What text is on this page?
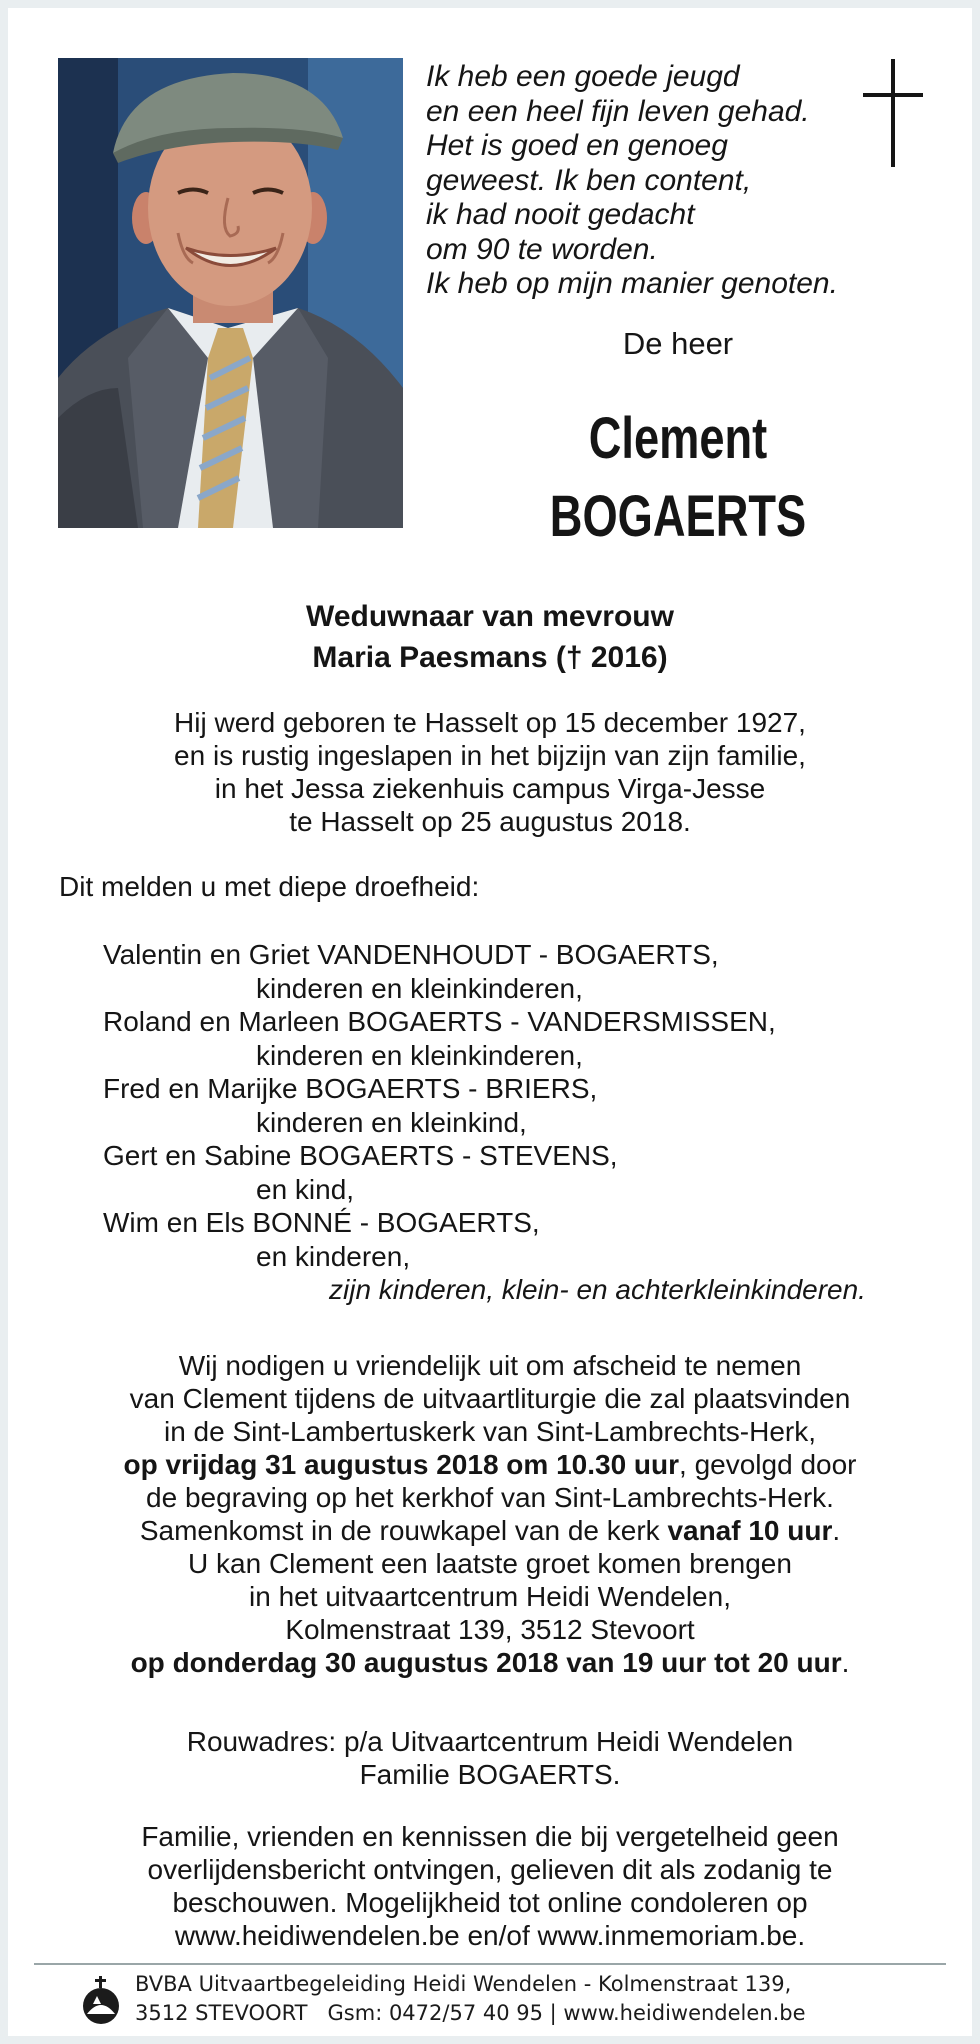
Ik heb een goede jeugd
en een heel fijn leven gehad.
Het is goed en genoeg
geweest. Ik ben content,
ik had nooit gedacht
om 90 te worden.
Ik heb op mijn manier genoten.
De heer
Clement
BOGAERTS
Weduwnaar van mevrouw
Maria Paesmans († 2016)
Hij werd geboren te Hasselt op 15 december 1927,
en is rustig ingeslapen in het bijzijn van zijn familie,
in het Jessa ziekenhuis campus Virga-Jesse
te Hasselt op 25 augustus 2018.
Dit melden u met diepe droefheid:
Valentin en Griet VANDENHOUDT - BOGAERTS,
kinderen en kleinkinderen,
Roland en Marleen BOGAERTS - VANDERSMISSEN,
kinderen en kleinkinderen,
Fred en Marijke BOGAERTS - BRIERS,
kinderen en kleinkind,
Gert en Sabine BOGAERTS - STEVENS,
en kind,
Wim en Els BONNÉ - BOGAERTS,
en kinderen,
zijn kinderen, klein- en achterkleinkinderen.
Wij nodigen u vriendelijk uit om afscheid te nemen
van Clement tijdens de uitvaartliturgie die zal plaatsvinden
in de Sint-Lambertuskerk van Sint-Lambrechts-Herk,
op vrijdag 31 augustus 2018 om 10.30 uur, gevolgd door
de begraving op het kerkhof van Sint-Lambrechts-Herk.
Samenkomst in de rouwkapel van de kerk vanaf 10 uur.
U kan Clement een laatste groet komen brengen
in het uitvaartcentrum Heidi Wendelen,
Kolmenstraat 139, 3512 Stevoort
op donderdag 30 augustus 2018 van 19 uur tot 20 uur.
Rouwadres: p/a Uitvaartcentrum Heidi Wendelen
Familie BOGAERTS.
Familie, vrienden en kennissen die bij vergetelheid geen
overlijdensbericht ontvingen, gelieven dit als zodanig te
beschouwen. Mogelijkheid tot online condoleren op
www.heidiwendelen.be en/of www.inmemoriam.be.
BVBA Uitvaartbegeleiding Heidi Wendelen - Kolmenstraat 139,
3512 STEVOORT   Gsm: 0472/57 40 95 | www.heidiwendelen.be
